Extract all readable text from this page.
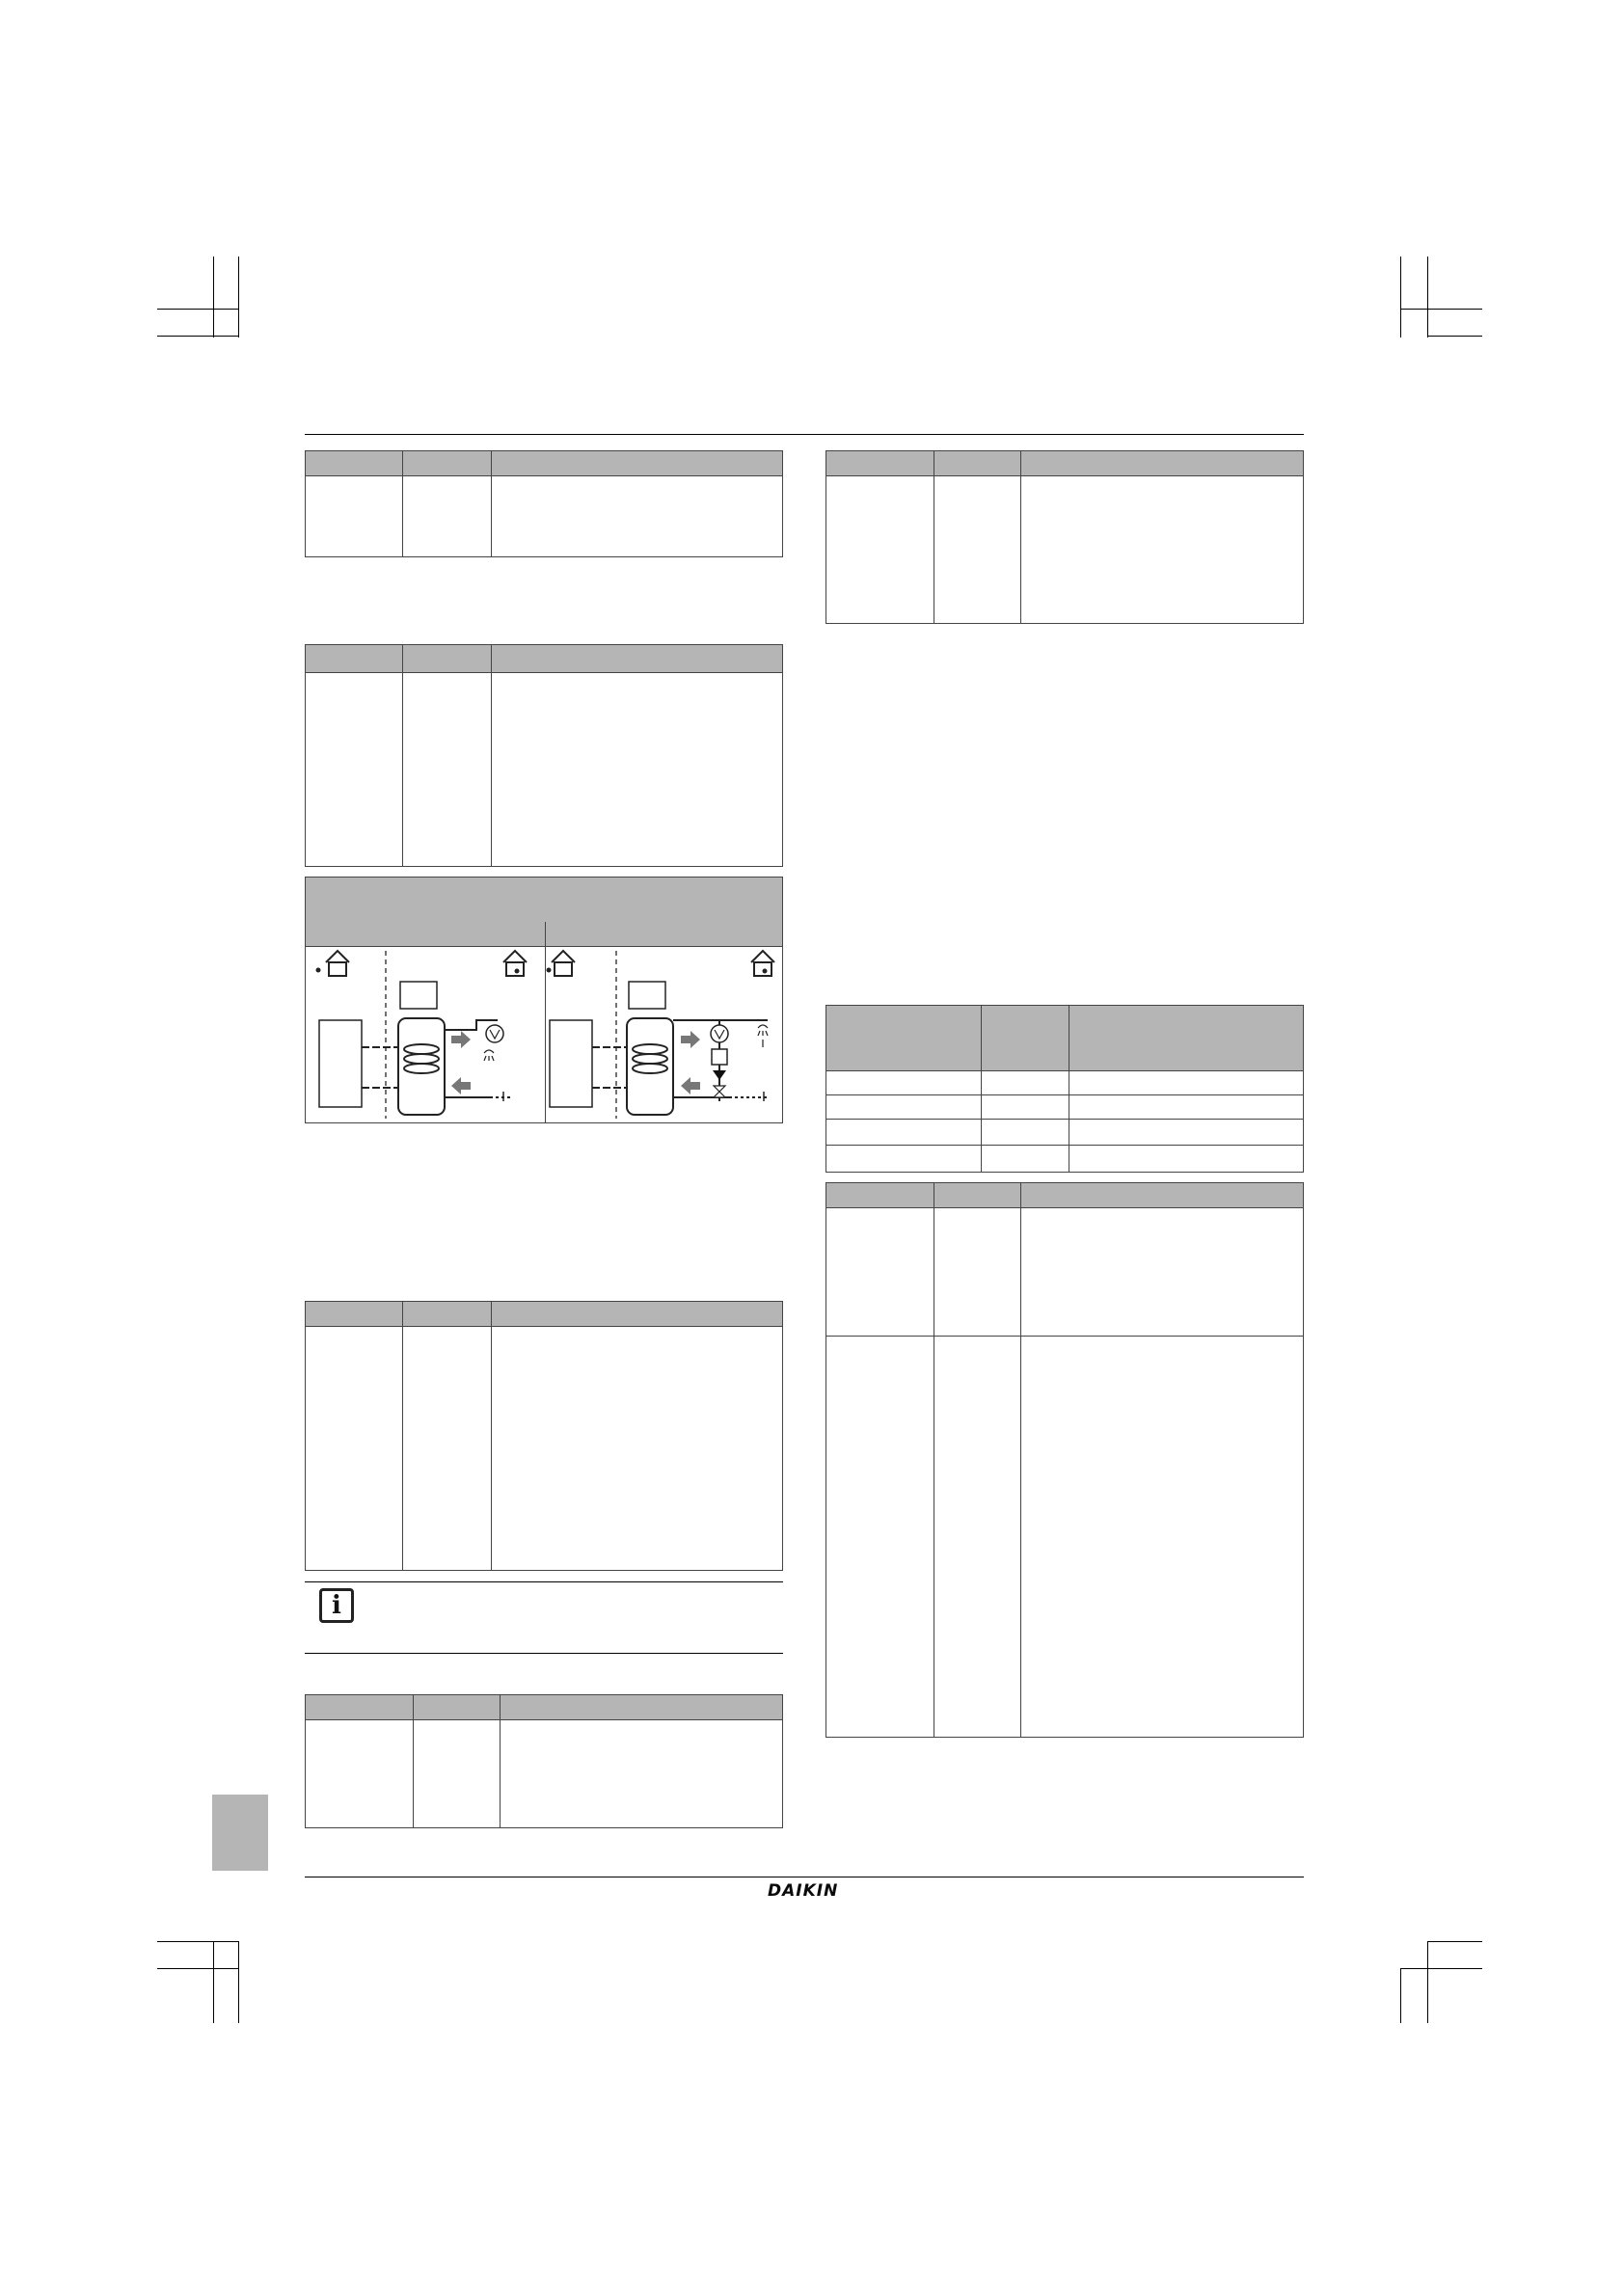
i
DAIKIN
